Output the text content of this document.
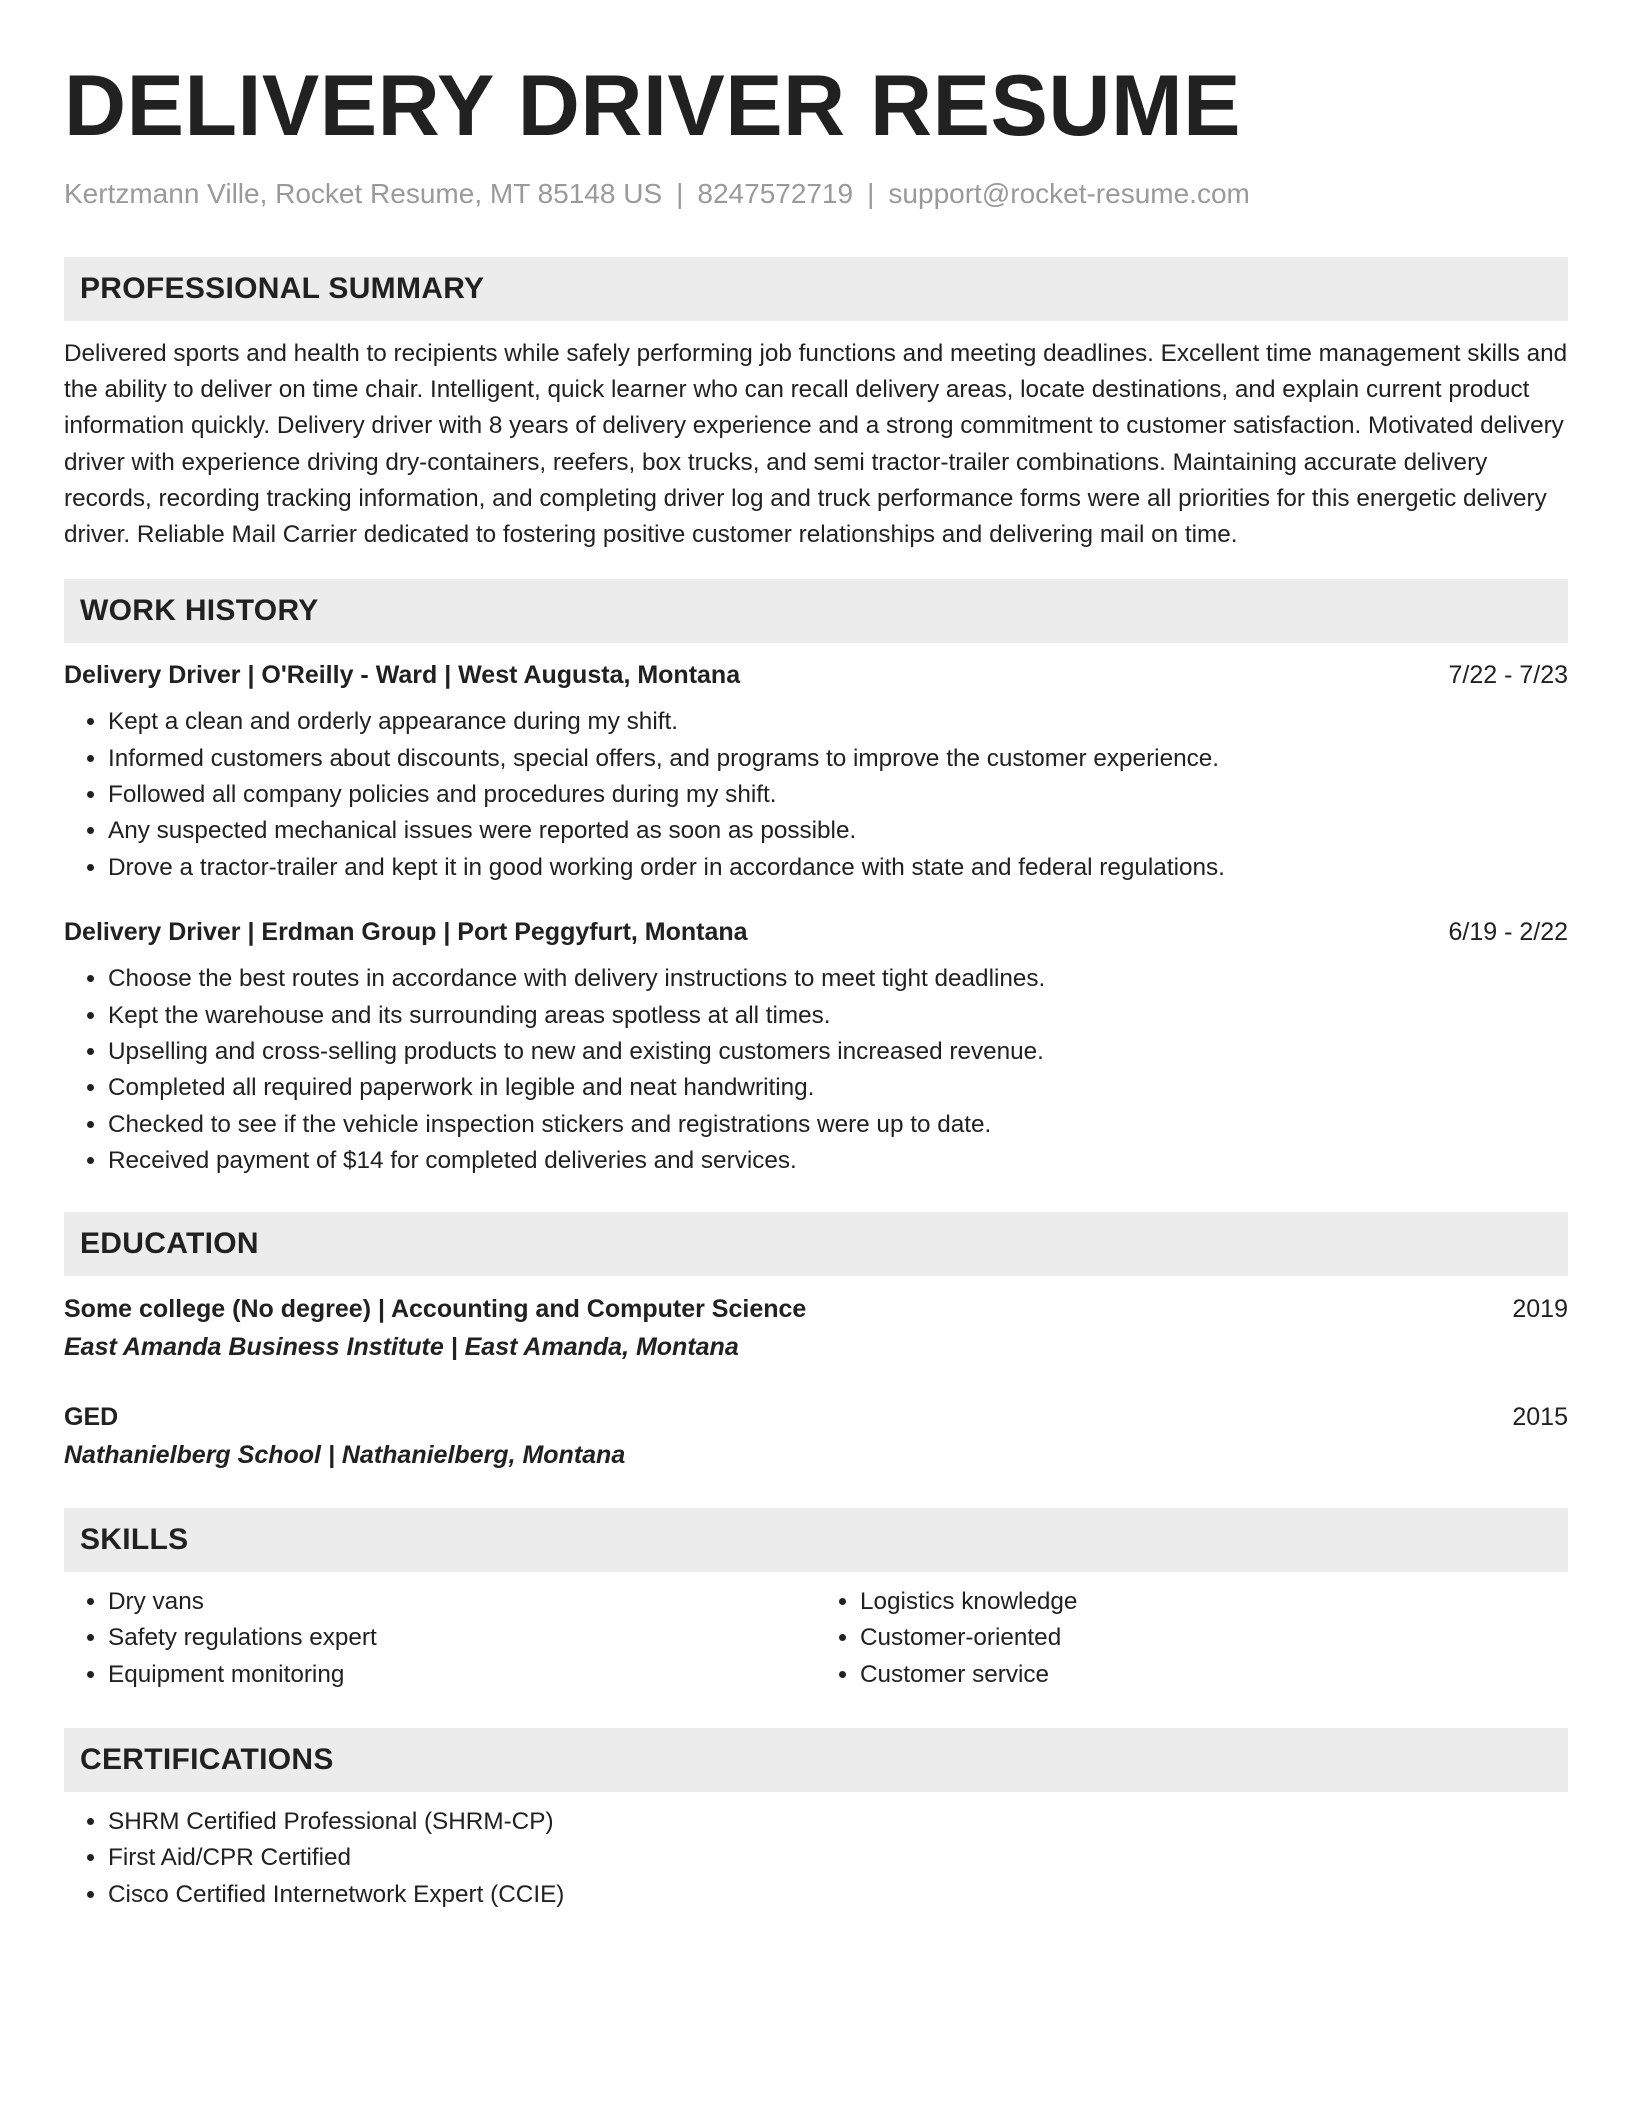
DELIVERY DRIVER RESUME
Kertzmann Ville, Rocket Resume, MT 85148 US | 8247572719 | support@rocket-resume.com
PROFESSIONAL SUMMARY

Delivered sports and health to recipients while safely performing job functions and meeting deadlines. Excellent time management skills and the ability to deliver on time chair. Intelligent, quick learner who can recall delivery areas, locate destinations, and explain current product information quickly. Delivery driver with 8 years of delivery experience and a strong commitment to customer satisfaction. Motivated delivery driver with experience driving dry-containers, reefers, box trucks, and semi tractor-trailer combinations. Maintaining accurate delivery records, recording tracking information, and completing driver log and truck performance forms were all priorities for this energetic delivery driver. Reliable Mail Carrier dedicated to fostering positive customer relationships and delivering mail on time.

WORK HISTORY
Delivery Driver | O'Reilly - Ward | West Augusta, Montana	7/22 - 7/23
• Kept a clean and orderly appearance during my shift.
• Informed customers about discounts, special offers, and programs to improve the customer experience.
• Followed all company policies and procedures during my shift.
• Any suspected mechanical issues were reported as soon as possible.
• Drove a tractor-trailer and kept it in good working order in accordance with state and federal regulations.
Delivery Driver | Erdman Group | Port Peggyfurt, Montana	6/19 - 2/22
• Choose the best routes in accordance with delivery instructions to meet tight deadlines.
• Kept the warehouse and its surrounding areas spotless at all times.
• Upselling and cross-selling products to new and existing customers increased revenue.
• Completed all required paperwork in legible and neat handwriting.
• Checked to see if the vehicle inspection stickers and registrations were up to date.
• Received payment of $14 for completed deliveries and services.
EDUCATION
Some college (No degree) | Accounting and Computer Science	2019
East Amanda Business Institute | East Amanda, Montana
GED	2015
Nathanielberg School | Nathanielberg, Montana
SKILLS
• Dry vans
• Safety regulations expert
• Equipment monitoring
• Logistics knowledge
• Customer-oriented
• Customer service
CERTIFICATIONS
• SHRM Certified Professional (SHRM-CP)
• First Aid/CPR Certified
• Cisco Certified Internetwork Expert (CCIE)
